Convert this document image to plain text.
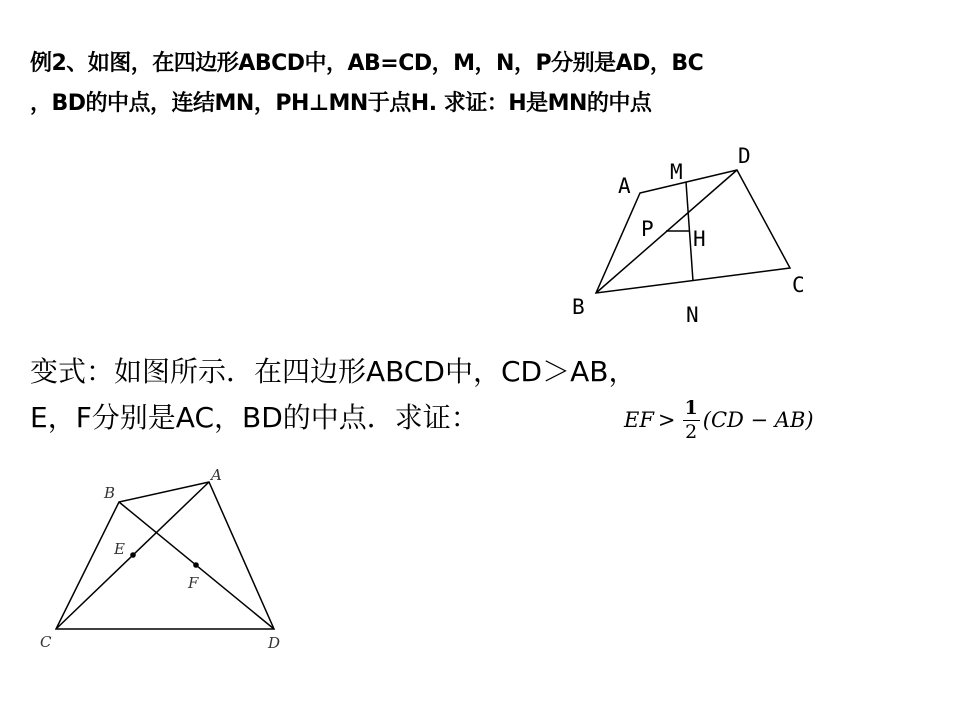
例2、如图，在四边形ABCD中，AB=CD，M，N，P分别是AD，BC
，BD的中点，连结MN，PH⊥MN于点H. 求证：H是MN的中点
A
M
D
P H
C
B	N
变式：如图所示．在四边形ABCD中，CD＞AB，
E，F分别是AC，BD的中点．求证：	EF > $\frac{1}{2} (CD - AB)$
B
A
E
F
C	D
